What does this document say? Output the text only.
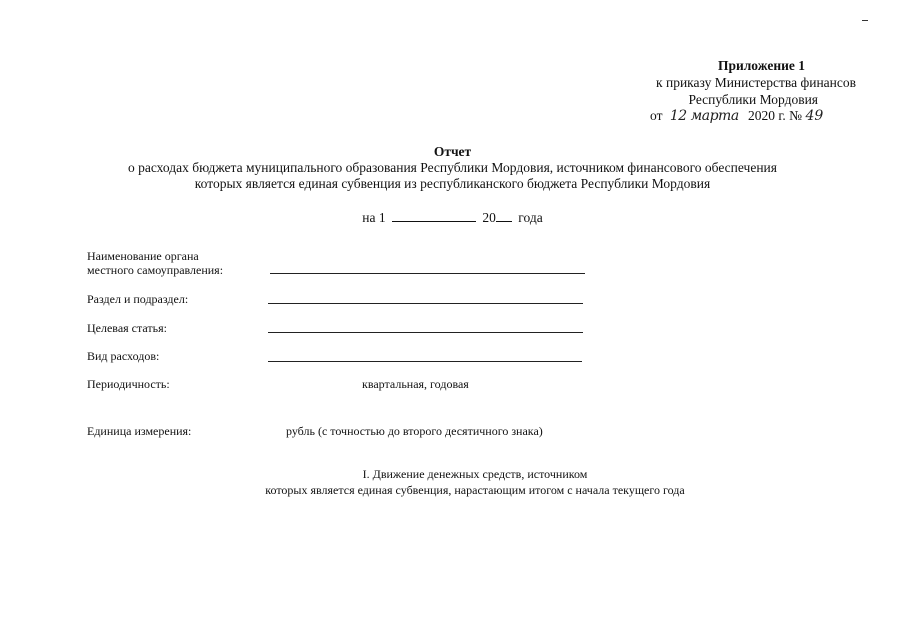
Приложение 1
к приказу Министерства финансов
Республики Мордовия
от 12 марта 2020 г. № 49
Отчет
о расходах бюджета муниципального образования Республики Мордовия, источником финансового обеспечения
которых является единая субвенция из республиканского бюджета Республики Мордовия
на 1	20 года
Наименование органа
местного самоуправления:
Раздел и подраздел:
Целевая статья:
Вид расходов:
Периодичность:	квартальная, годовая
Единица измерения:	рубль (с точностью до второго десятичного знака)
I. Движение денежных средств, источником
которых является единая субвенция, нарастающим итогом с начала текущего года
